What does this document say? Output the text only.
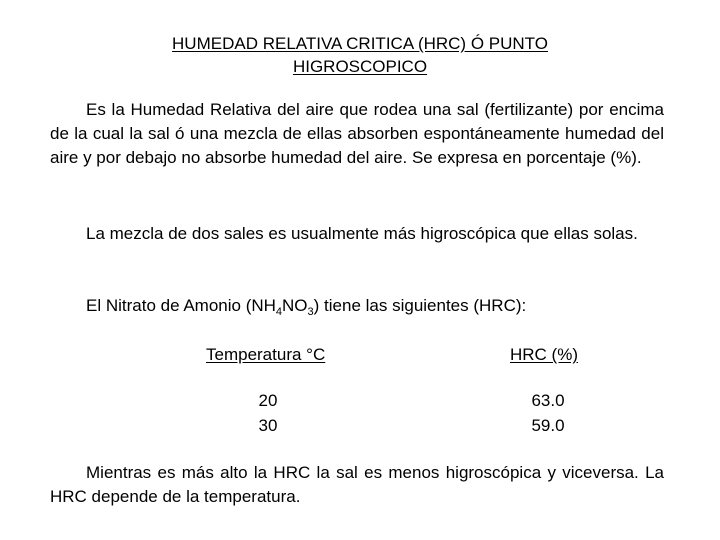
HUMEDAD RELATIVA CRITICA (HRC) Ó PUNTO
HIGROSCOPICO

Es la Humedad Relativa del aire que rodea una sal (fertilizante) por encima de la cual la sal ó una mezcla de ellas absorben espontáneamente humedad del aire y por debajo no absorbe humedad del aire. Se expresa en porcentaje (%).

La mezcla de dos sales es usualmente más higroscópica que ellas solas.

El Nitrato de Amonio $(NH_4NO_3)$ tiene las siguientes (HRC):

Temperatura °C	HRC (%)
20	63.0
30	59.0

Mientras es más alto la HRC la sal es menos higroscópica y viceversa. La HRC depende de la temperatura.
